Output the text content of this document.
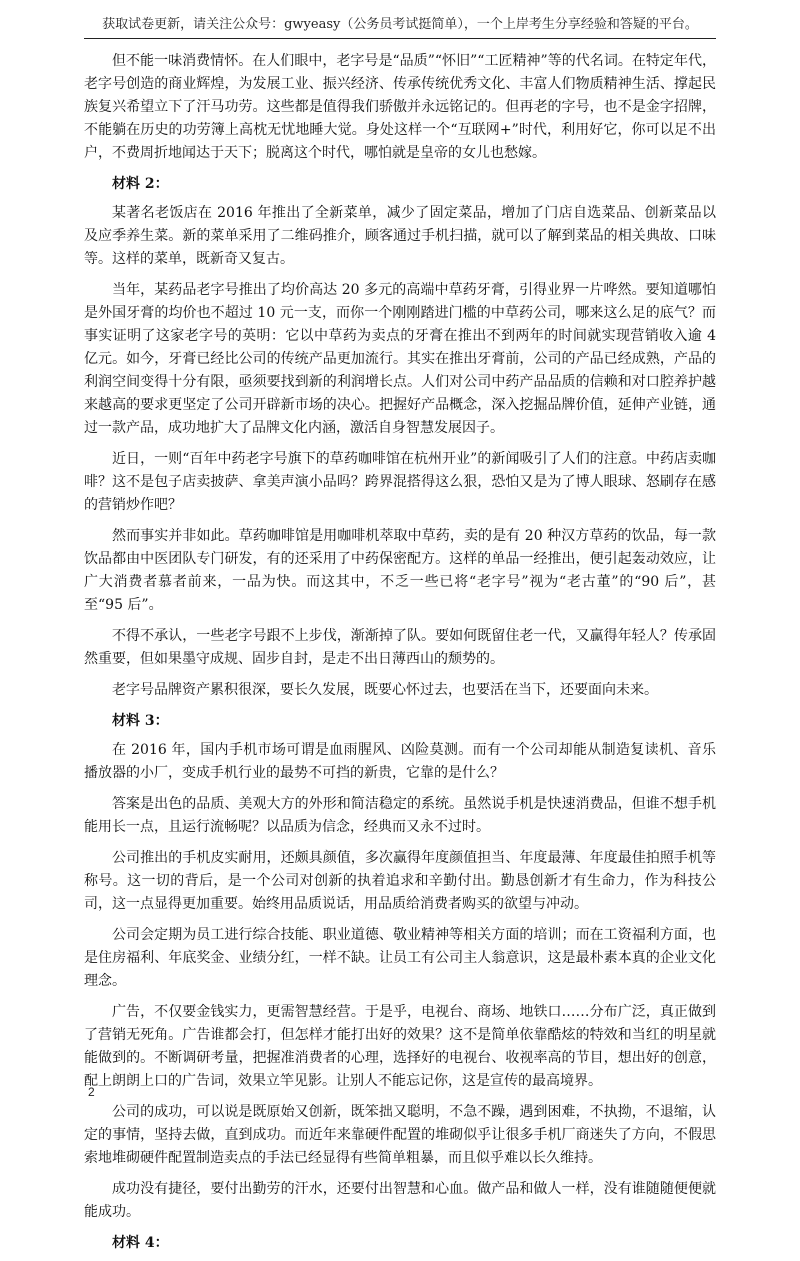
获取试卷更新，请关注公众号：gwyeasy（公务员考试挺简单），一个上岸考生分享经验和答疑的平台。

但不能一味消费情怀。在人们眼中，老字号是“品质”“怀旧”“工匠精神”等的代名词。在特定年代，老字号创造的商业辉煌，为发展工业、振兴经济、传承传统优秀文化、丰富人们物质精神生活、撑起民族复兴希望立下了汗马功劳。这些都是值得我们骄傲并永远铭记的。但再老的字号，也不是金字招牌，不能躺在历史的功劳簿上高枕无忧地睡大觉。身处这样一个“互联网+”时代，利用好它，你可以足不出户，不费周折地闻达于天下；脱离这个时代，哪怕就是皇帝的女儿也愁嫁。

材料 2：

某著名老饭店在 2016 年推出了全新菜单，减少了固定菜品，增加了门店自选菜品、创新菜品以及应季养生菜。新的菜单采用了二维码推介，顾客通过手机扫描，就可以了解到菜品的相关典故、口味等。这样的菜单，既新奇又复古。

当年，某药品老字号推出了均价高达 20 多元的高端中草药牙膏，引得业界一片哗然。要知道哪怕是外国牙膏的均价也不超过 10 元一支，而你一个刚刚踏进门槛的中草药公司，哪来这么足的底气？而事实证明了这家老字号的英明：它以中草药为卖点的牙膏在推出不到两年的时间就实现营销收入逾 4 亿元。如今，牙膏已经比公司的传统产品更加流行。其实在推出牙膏前，公司的产品已经成熟，产品的利润空间变得十分有限，亟须要找到新的利润增长点。人们对公司中药产品品质的信赖和对口腔养护越来越高的要求更坚定了公司开辟新市场的决心。把握好产品概念，深入挖掘品牌价值，延伸产业链，通过一款产品，成功地扩大了品牌文化内涵，激活自身智慧发展因子。

近日，一则“百年中药老字号旗下的草药咖啡馆在杭州开业”的新闻吸引了人们的注意。中药店卖咖啡？这不是包子店卖披萨、拿美声演小品吗？跨界混搭得这么狠，恐怕又是为了博人眼球、怒刷存在感的营销炒作吧？

然而事实并非如此。草药咖啡馆是用咖啡机萃取中草药，卖的是有 20 种汉方草药的饮品，每一款饮品都由中医团队专门研发，有的还采用了中药保密配方。这样的单品一经推出，便引起轰动效应，让广大消费者慕者前来，一品为快。而这其中，不乏一些已将“老字号”视为“老古董”的“90 后”，甚至“95 后”。

不得不承认，一些老字号跟不上步伐，渐渐掉了队。要如何既留住老一代，又赢得年轻人？传承固然重要，但如果墨守成规、固步自封，是走不出日薄西山的颓势的。

老字号品牌资产累积很深，要长久发展，既要心怀过去，也要活在当下，还要面向未来。

材料 3：

在 2016 年，国内手机市场可谓是血雨腥风、凶险莫测。而有一个公司却能从制造复读机、音乐播放器的小厂，变成手机行业的最势不可挡的新贵，它靠的是什么？

答案是出色的品质、美观大方的外形和简洁稳定的系统。虽然说手机是快速消费品，但谁不想手机能用长一点，且运行流畅呢？以品质为信念，经典而又永不过时。

公司推出的手机皮实耐用，还颇具颜值，多次赢得年度颜值担当、年度最薄、年度最佳拍照手机等称号。这一切的背后，是一个公司对创新的执着追求和辛勤付出。勤恳创新才有生命力，作为科技公司，这一点显得更加重要。始终用品质说话，用品质给消费者购买的欲望与冲动。

公司会定期为员工进行综合技能、职业道德、敬业精神等相关方面的培训；而在工资福利方面，也是住房福利、年底奖金、业绩分红，一样不缺。让员工有公司主人翁意识，这是最朴素本真的企业文化理念。

广告，不仅要金钱实力，更需智慧经营。于是乎，电视台、商场、地铁口……分布广泛，真正做到了营销无死角。广告谁都会打，但怎样才能打出好的效果？这不是简单依靠酷炫的特效和当红的明星就能做到的。不断调研考量，把握准消费者的心理，选择好的电视台、收视率高的节目，想出好的创意，配上朗朗上口的广告词，效果立竿见影。让别人不能忘记你，这是宣传的最高境界。

公司的成功，可以说是既原始又创新，既笨拙又聪明，不急不躁，遇到困难，不执拗，不退缩，认定的事情，坚持去做，直到成功。而近年来靠硬件配置的堆砌似乎让很多手机厂商迷失了方向，不假思索地堆砌硬件配置制造卖点的手法已经显得有些简单粗暴，而且似乎难以长久维持。

成功没有捷径，要付出勤劳的汗水，还要付出智慧和心血。做产品和做人一样，没有谁随随便便就能成功。

材料 4：

2
